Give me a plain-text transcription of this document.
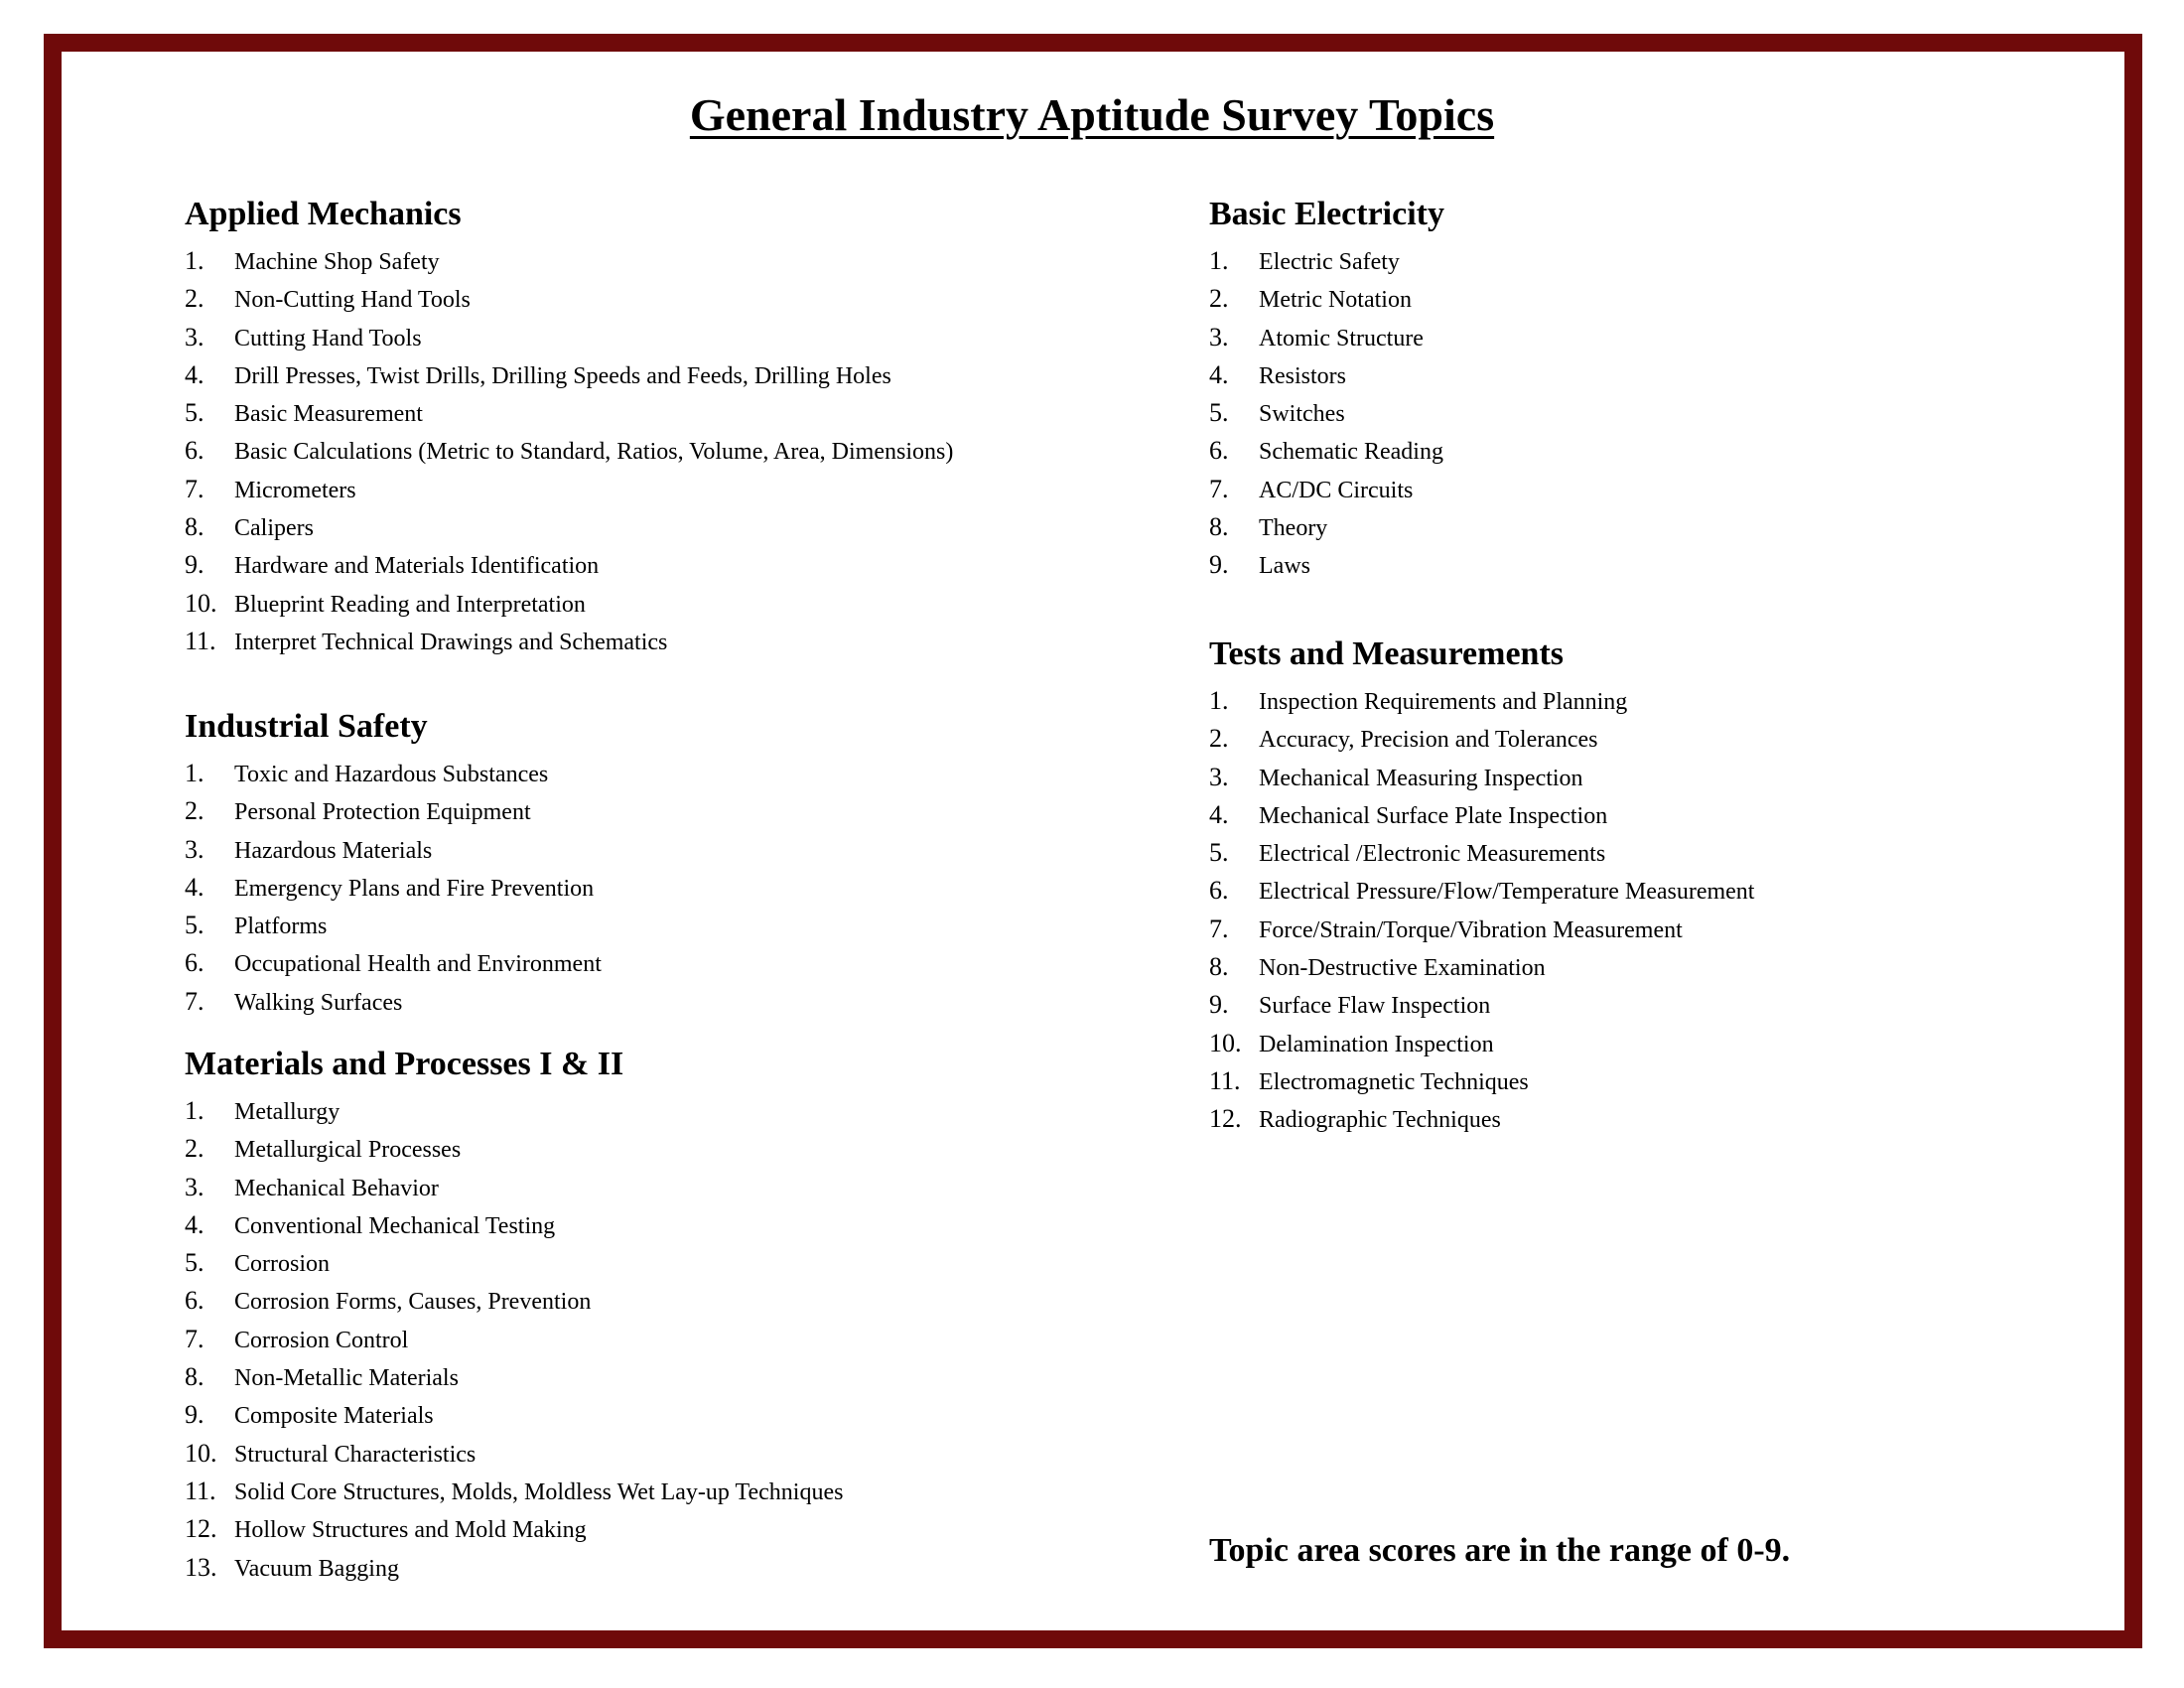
General Industry Aptitude Survey Topics
Applied Mechanics
1.	Machine Shop Safety
2.	Non-Cutting Hand Tools
3.	Cutting Hand Tools
4.	Drill Presses, Twist Drills, Drilling Speeds and Feeds, Drilling Holes
5.	Basic Measurement
6.	Basic Calculations (Metric to Standard, Ratios, Volume, Area, Dimensions)
7.	Micrometers
8.	Calipers
9.	Hardware and Materials Identification
10. Blueprint Reading and Interpretation
11. Interpret Technical Drawings and Schematics
Industrial Safety
1.	Toxic and Hazardous Substances
2.	Personal Protection Equipment
3.	Hazardous Materials
4.	Emergency Plans and Fire Prevention
5.	Platforms
6.	Occupational Health and Environment
7.	Walking Surfaces
Materials and Processes I & II
1.	Metallurgy
2.	Metallurgical Processes
3.	Mechanical Behavior
4.	Conventional Mechanical Testing
5.	Corrosion
6.	Corrosion Forms, Causes, Prevention
7.	Corrosion Control
8.	Non-Metallic Materials
9.	Composite Materials
10. Structural Characteristics
11. Solid Core Structures, Molds, Moldless Wet Lay-up Techniques
12. Hollow Structures and Mold Making
13. Vacuum Bagging
Basic Electricity
1.	Electric Safety
2.	Metric Notation
3.	Atomic Structure
4.	Resistors
5.	Switches
6.	Schematic Reading
7.	AC/DC Circuits
8.	Theory
9.	Laws
Tests and Measurements
1.	Inspection Requirements and Planning
2.	Accuracy, Precision and Tolerances
3.	Mechanical Measuring Inspection
4.	Mechanical Surface Plate Inspection
5.	Electrical /Electronic Measurements
6.	Electrical Pressure/Flow/Temperature Measurement
7.	Force/Strain/Torque/Vibration Measurement
8.	Non-Destructive Examination
9.	Surface Flaw Inspection
10. Delamination Inspection
11. Electromagnetic Techniques
12. Radiographic Techniques
Topic area scores are in the range of 0-9.
